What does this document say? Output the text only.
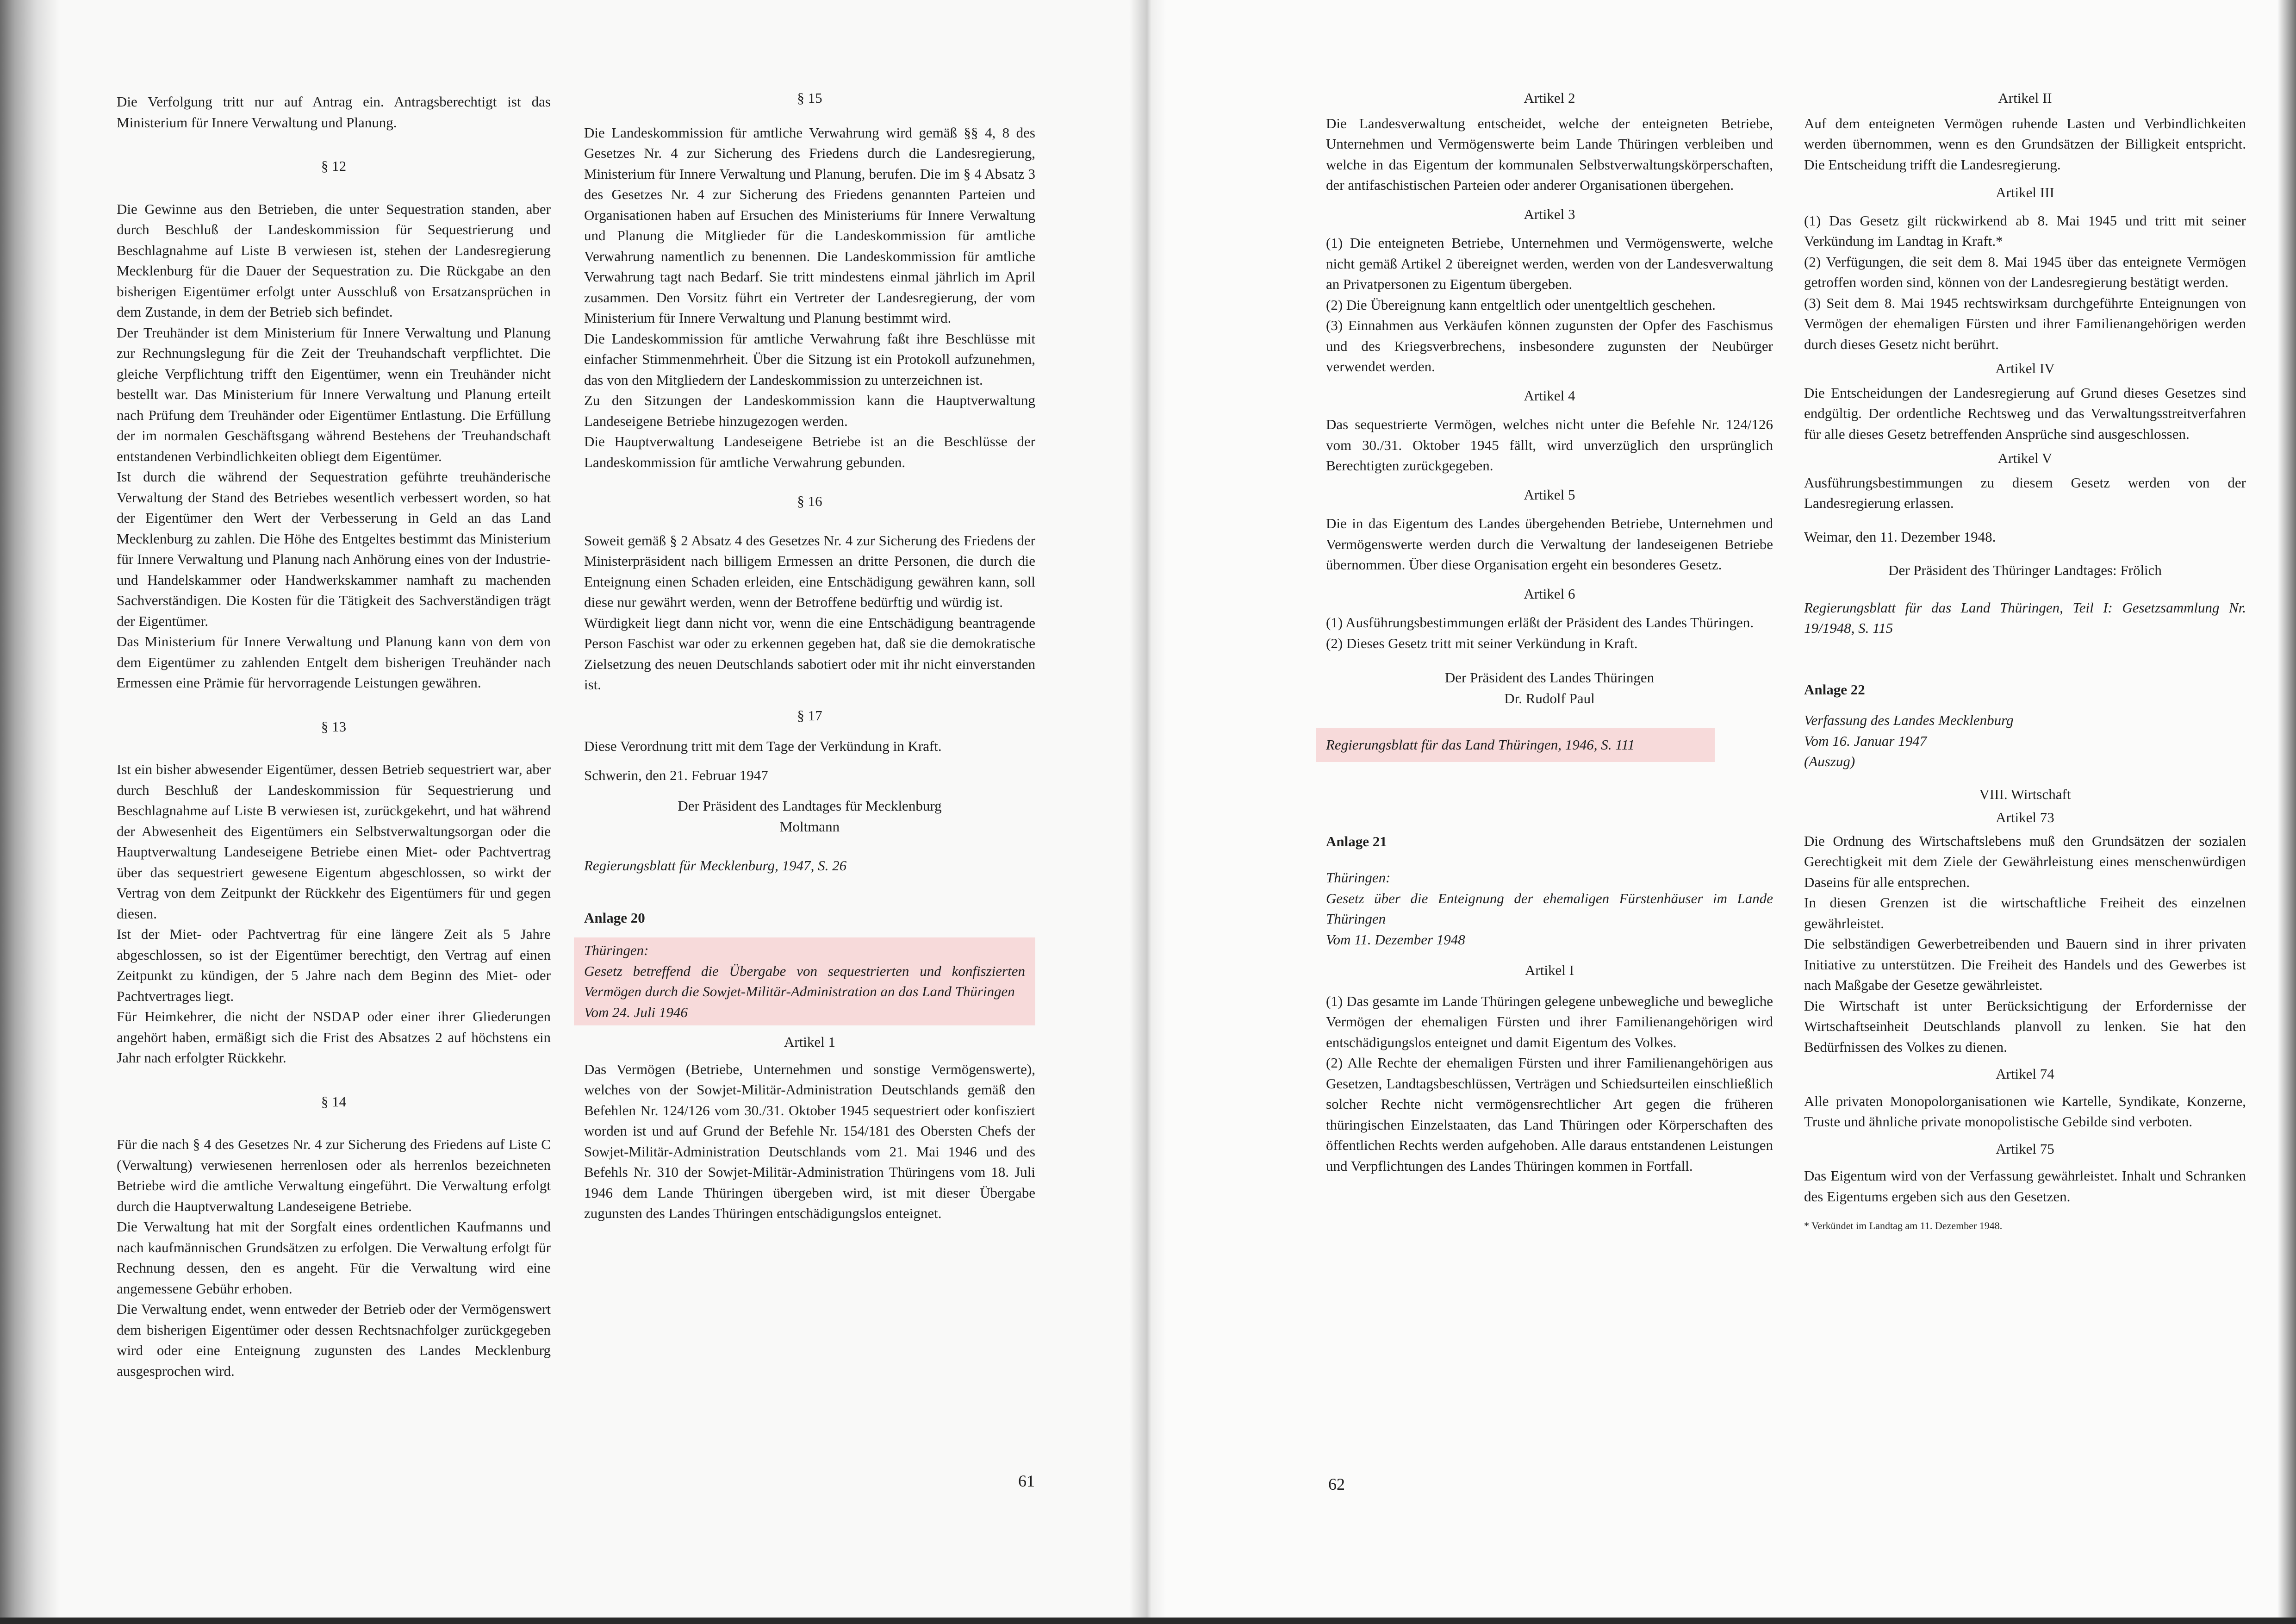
Die Verfolgung tritt nur auf Antrag ein. Antragsberechtigt ist das Ministerium für Innere Verwaltung und Planung.

§ 12

Die Gewinne aus den Betrieben, die unter Sequestration standen, aber durch Beschluß der Landeskommission für Sequestrierung und Beschlagnahme auf Liste B verwiesen ist, stehen der Landesregierung Mecklenburg für die Dauer der Sequestration zu. Die Rückgabe an den bisherigen Eigentümer erfolgt unter Ausschluß von Ersatzansprüchen in dem Zustande, in dem der Betrieb sich befindet.

Der Treuhänder ist dem Ministerium für Innere Verwaltung und Planung zur Rechnungslegung für die Zeit der Treuhandschaft verpflichtet. Die gleiche Verpflichtung trifft den Eigentümer, wenn ein Treuhänder nicht bestellt war. Das Ministerium für Innere Verwaltung und Planung erteilt nach Prüfung dem Treuhänder oder Eigentümer Entlastung. Die Erfüllung der im normalen Geschäftsgang während Bestehens der Treuhandschaft entstandenen Verbindlichkeiten obliegt dem Eigentümer.

Ist durch die während der Sequestration geführte treuhänderische Verwaltung der Stand des Betriebes wesentlich verbessert worden, so hat der Eigentümer den Wert der Verbesserung in Geld an das Land Mecklenburg zu zahlen. Die Höhe des Entgeltes bestimmt das Ministerium für Innere Verwaltung und Planung nach Anhörung eines von der Industrie- und Handelskammer oder Handwerkskammer namhaft zu machenden Sachverständigen. Die Kosten für die Tätigkeit des Sachverständigen trägt der Eigentümer.

Das Ministerium für Innere Verwaltung und Planung kann von dem von dem Eigentümer zu zahlenden Entgelt dem bisherigen Treuhänder nach Ermessen eine Prämie für hervorragende Leistungen gewähren.

§ 13

Ist ein bisher abwesender Eigentümer, dessen Betrieb sequestriert war, aber durch Beschluß der Landeskommission für Sequestrierung und Beschlagnahme auf Liste B verwiesen ist, zurückgekehrt, und hat während der Abwesenheit des Eigentümers ein Selbstverwaltungsorgan oder die Hauptverwaltung Landeseigene Betriebe einen Miet- oder Pachtvertrag über das sequestriert gewesene Eigentum abgeschlossen, so wirkt der Vertrag von dem Zeitpunkt der Rückkehr des Eigentümers für und gegen diesen.

Ist der Miet- oder Pachtvertrag für eine längere Zeit als 5 Jahre abgeschlossen, so ist der Eigentümer berechtigt, den Vertrag auf einen Zeitpunkt zu kündigen, der 5 Jahre nach dem Beginn des Miet- oder Pachtvertrages liegt.

Für Heimkehrer, die nicht der NSDAP oder einer ihrer Gliederungen angehört haben, ermäßigt sich die Frist des Absatzes 2 auf höchstens ein Jahr nach erfolgter Rückkehr.

§ 14

Für die nach § 4 des Gesetzes Nr. 4 zur Sicherung des Friedens auf Liste C (Verwaltung) verwiesenen herrenlosen oder als herrenlos bezeichneten Betriebe wird die amtliche Verwaltung eingeführt. Die Verwaltung erfolgt durch die Hauptverwaltung Landeseigene Betriebe.

Die Verwaltung hat mit der Sorgfalt eines ordentlichen Kaufmanns und nach kaufmännischen Grundsätzen zu erfolgen. Die Verwaltung erfolgt für Rechnung dessen, den es angeht. Für die Verwaltung wird eine angemessene Gebühr erhoben.

Die Verwaltung endet, wenn entweder der Betrieb oder der Vermögenswert dem bisherigen Eigentümer oder dessen Rechtsnachfolger zurückgegeben wird oder eine Enteignung zugunsten des Landes Mecklenburg ausgesprochen wird.

§ 15

Die Landeskommission für amtliche Verwahrung wird gemäß §§ 4, 8 des Gesetzes Nr. 4 zur Sicherung des Friedens durch die Landesregierung, Ministerium für Innere Verwaltung und Planung, berufen. Die im § 4 Absatz 3 des Gesetzes Nr. 4 zur Sicherung des Friedens genannten Parteien und Organisationen haben auf Ersuchen des Ministeriums für Innere Verwaltung und Planung die Mitglieder für die Landeskommission für amtliche Verwahrung namentlich zu benennen. Die Landeskommission für amtliche Verwahrung tagt nach Bedarf. Sie tritt mindestens einmal jährlich im April zusammen. Den Vorsitz führt ein Vertreter der Landesregierung, der vom Ministerium für Innere Verwaltung und Planung bestimmt wird.

Die Landeskommission für amtliche Verwahrung faßt ihre Beschlüsse mit einfacher Stimmenmehrheit. Über die Sitzung ist ein Protokoll aufzunehmen, das von den Mitgliedern der Landeskommission zu unterzeichnen ist.

Zu den Sitzungen der Landeskommission kann die Hauptverwaltung Landeseigene Betriebe hinzugezogen werden.

Die Hauptverwaltung Landeseigene Betriebe ist an die Beschlüsse der Landeskommission für amtliche Verwahrung gebunden.

§ 16

Soweit gemäß § 2 Absatz 4 des Gesetzes Nr. 4 zur Sicherung des Friedens der Ministerpräsident nach billigem Ermessen an dritte Personen, die durch die Enteignung einen Schaden erleiden, eine Entschädigung gewähren kann, soll diese nur gewährt werden, wenn der Betroffene bedürftig und würdig ist.

Würdigkeit liegt dann nicht vor, wenn die eine Entschädigung beantragende Person Faschist war oder zu erkennen gegeben hat, daß sie die demokratische Zielsetzung des neuen Deutschlands sabotiert oder mit ihr nicht einverstanden ist.

§ 17

Diese Verordnung tritt mit dem Tage der Verkündung in Kraft.

Schwerin, den 21. Februar 1947

Der Präsident des Landtages für Mecklenburg

Moltmann

Regierungsblatt für Mecklenburg, 1947, S. 26

Anlage 20

Thüringen:

Gesetz betreffend die Übergabe von sequestrierten und konfiszierten Vermögen durch die Sowjet-Militär-Administration an das Land Thüringen

Vom 24. Juli 1946

Artikel 1

Das Vermögen (Betriebe, Unternehmen und sonstige Vermögenswerte), welches von der Sowjet-Militär-Administration Deutschlands gemäß den Befehlen Nr. 124/126 vom 30./31. Oktober 1945 sequestriert oder konfisziert worden ist und auf Grund der Befehle Nr. 154/181 des Obersten Chefs der Sowjet-Militär-Administration Deutschlands vom 21. Mai 1946 und des Befehls Nr. 310 der Sowjet-Militär-Administration Thüringens vom 18. Juli 1946 dem Lande Thüringen übergeben wird, ist mit dieser Übergabe zugunsten des Landes Thüringen entschädigungslos enteignet.

61

Artikel 2

Die Landesverwaltung entscheidet, welche der enteigneten Betriebe, Unternehmen und Vermögenswerte beim Lande Thüringen verbleiben und welche in das Eigentum der kommunalen Selbstverwaltungskörperschaften, der antifaschistischen Parteien oder anderer Organisationen übergehen.

Artikel 3

(1) Die enteigneten Betriebe, Unternehmen und Vermögenswerte, welche nicht gemäß Artikel 2 übereignet werden, werden von der Landesverwaltung an Privatpersonen zu Eigentum übergeben.

(2) Die Übereignung kann entgeltlich oder unentgeltlich geschehen.

(3) Einnahmen aus Verkäufen können zugunsten der Opfer des Faschismus und des Kriegsverbrechens, insbesondere zugunsten der Neubürger verwendet werden.

Artikel 4

Das sequestrierte Vermögen, welches nicht unter die Befehle Nr. 124/126 vom 30./31. Oktober 1945 fällt, wird unverzüglich den ursprünglich Berechtigten zurückgegeben.

Artikel 5

Die in das Eigentum des Landes übergehenden Betriebe, Unternehmen und Vermögenswerte werden durch die Verwaltung der landeseigenen Betriebe übernommen. Über diese Organisation ergeht ein besonderes Gesetz.

Artikel 6

(1) Ausführungsbestimmungen erläßt der Präsident des Landes Thüringen.

(2) Dieses Gesetz tritt mit seiner Verkündung in Kraft.

Der Präsident des Landes Thüringen

Dr. Rudolf Paul

Regierungsblatt für das Land Thüringen, 1946, S. 111

Anlage 21

Thüringen:

Gesetz über die Enteignung der ehemaligen Fürstenhäuser im Lande Thüringen

Vom 11. Dezember 1948

Artikel I

(1) Das gesamte im Lande Thüringen gelegene unbewegliche und bewegliche Vermögen der ehemaligen Fürsten und ihrer Familienangehörigen wird entschädigungslos enteignet und damit Eigentum des Volkes.

(2) Alle Rechte der ehemaligen Fürsten und ihrer Familienangehörigen aus Gesetzen, Landtagsbeschlüssen, Verträgen und Schiedsurteilen einschließlich solcher Rechte nicht vermögensrechtlicher Art gegen die früheren thüringischen Einzelstaaten, das Land Thüringen oder Körperschaften des öffentlichen Rechts werden aufgehoben. Alle daraus entstandenen Leistungen und Verpflichtungen des Landes Thüringen kommen in Fortfall.

Artikel II

Auf dem enteigneten Vermögen ruhende Lasten und Verbindlichkeiten werden übernommen, wenn es den Grundsätzen der Billigkeit entspricht. Die Entscheidung trifft die Landesregierung.

Artikel III

(1) Das Gesetz gilt rückwirkend ab 8. Mai 1945 und tritt mit seiner Verkündung im Landtag in Kraft.*

(2) Verfügungen, die seit dem 8. Mai 1945 über das enteignete Vermögen getroffen worden sind, können von der Landesregierung bestätigt werden.

(3) Seit dem 8. Mai 1945 rechtswirksam durchgeführte Enteignungen von Vermögen der ehemaligen Fürsten und ihrer Familienangehörigen werden durch dieses Gesetz nicht berührt.

Artikel IV

Die Entscheidungen der Landesregierung auf Grund dieses Gesetzes sind endgültig. Der ordentliche Rechtsweg und das Verwaltungsstreitverfahren für alle dieses Gesetz betreffenden Ansprüche sind ausgeschlossen.

Artikel V

Ausführungsbestimmungen zu diesem Gesetz werden von der Landesregierung erlassen.

Weimar, den 11. Dezember 1948.

Der Präsident des Thüringer Landtages: Frölich

Regierungsblatt für das Land Thüringen, Teil I: Gesetzsammlung Nr. 19/1948, S. 115

Anlage 22

Verfassung des Landes Mecklenburg

Vom 16. Januar 1947

(Auszug)

VIII. Wirtschaft

Artikel 73

Die Ordnung des Wirtschaftslebens muß den Grundsätzen der sozialen Gerechtigkeit mit dem Ziele der Gewährleistung eines menschenwürdigen Daseins für alle entsprechen.

In diesen Grenzen ist die wirtschaftliche Freiheit des einzelnen gewährleistet.

Die selbständigen Gewerbetreibenden und Bauern sind in ihrer privaten Initiative zu unterstützen. Die Freiheit des Handels und des Gewerbes ist nach Maßgabe der Gesetze gewährleistet.

Die Wirtschaft ist unter Berücksichtigung der Erfordernisse der Wirtschaftseinheit Deutschlands planvoll zu lenken. Sie hat den Bedürfnissen des Volkes zu dienen.

Artikel 74

Alle privaten Monopolorganisationen wie Kartelle, Syndikate, Konzerne, Truste und ähnliche private monopolistische Gebilde sind verboten.

Artikel 75

Das Eigentum wird von der Verfassung gewährleistet. Inhalt und Schranken des Eigentums ergeben sich aus den Gesetzen.

* Verkündet im Landtag am 11. Dezember 1948.

62
